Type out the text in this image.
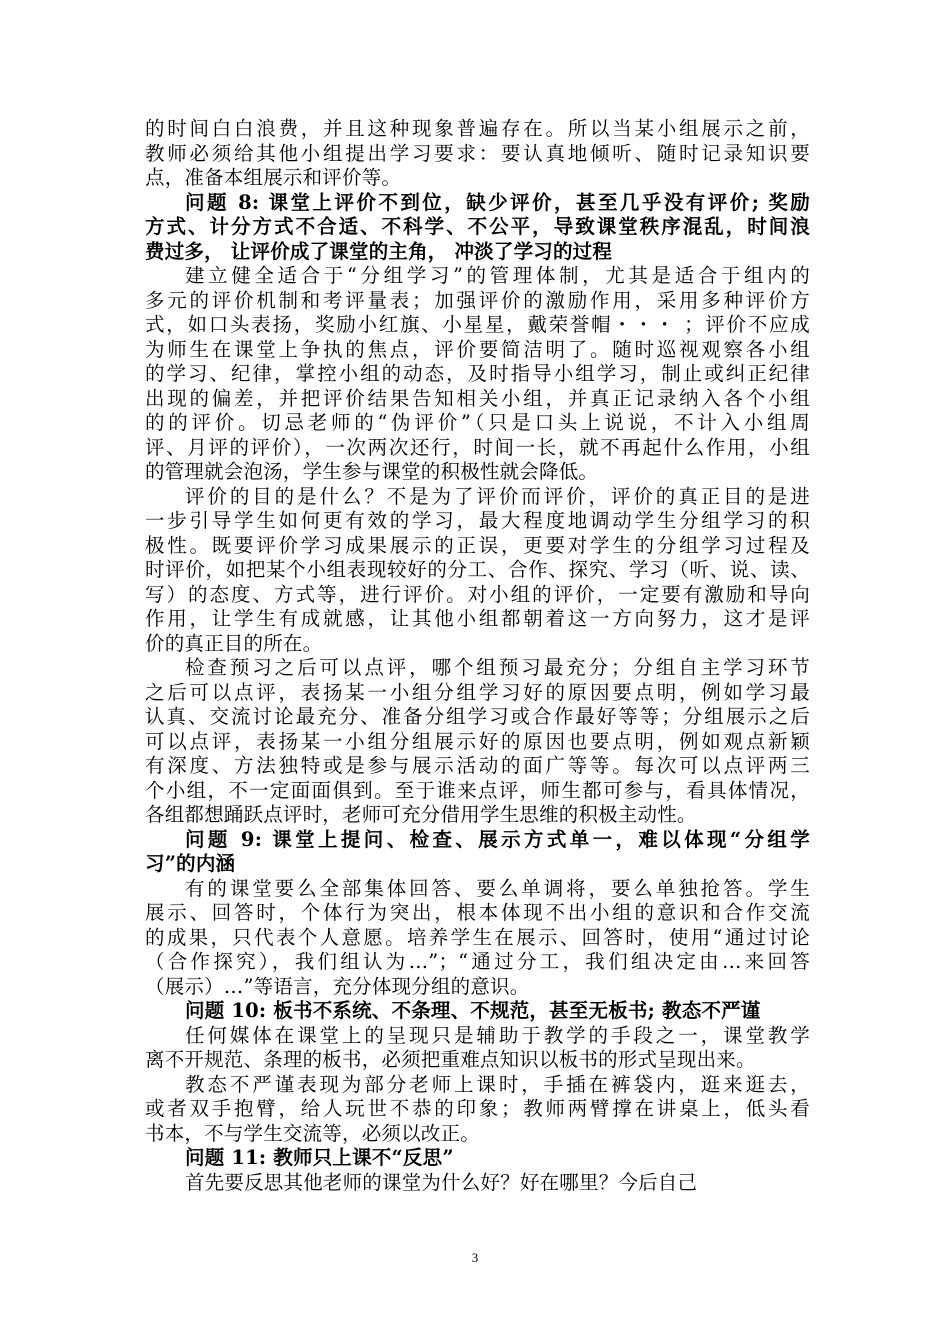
的时间白白浪费，并且这种现象普遍存在。所以当某小组展示之前，
教师必须给其他小组提出学习要求：要认真地倾听、随时记录知识要
点，准备本组展示和评价等。
问题 8: 课堂上评价不到位，缺少评价，甚至几乎没有评价; 奖励
方式、计分方式不合适、不科学、不公平，导致课堂秩序混乱，时间浪
费过多， 让评价成了课堂的主角， 冲淡了学习的过程
建立健全适合于“分组学习”的管理体制，尤其是适合于组内的
多元的评价机制和考评量表；加强评价的激励作用，采用多种评价方
式，如口头表扬，奖励小红旗、小星星，戴荣誉帽・・・ ；评价不应成
为师生在课堂上争执的焦点，评价要简洁明了。随时巡视观察各小组
的学习、纪律，掌控小组的动态，及时指导小组学习，制止或纠正纪律
出现的偏差，并把评价结果告知相关小组，并真正记录纳入各个小组
的的评价。切忌老师的“伪评价”（只是口头上说说，不计入小组周
评、月评的评价），一次两次还行，时间一长，就不再起什么作用，小组
的管理就会泡汤，学生参与课堂的积极性就会降低。
评价的目的是什么？不是为了评价而评价，评价的真正目的是进
一步引导学生如何更有效的学习，最大程度地调动学生分组学习的积
极性。既要评价学习成果展示的正误，更要对学生的分组学习过程及
时评价，如把某个小组表现较好的分工、合作、探究、学习（听、说、读、
写）的态度、方式等，进行评价。对小组的评价，一定要有激励和导向
作用，让学生有成就感，让其他小组都朝着这一方向努力，这才是评
价的真正目的所在。
检查预习之后可以点评，哪个组预习最充分；分组自主学习环节
之后可以点评，表扬某一小组分组学习好的原因要点明，例如学习最
认真、交流讨论最充分、准备分组学习或合作最好等等；分组展示之后
可以点评，表扬某一小组分组展示好的原因也要点明，例如观点新颖
有深度、方法独特或是参与展示活动的面广等等。每次可以点评两三
个小组，不一定面面俱到。至于谁来点评，师生都可参与，看具体情况，
各组都想踊跃点评时，老师可充分借用学生思维的积极主动性。
问题 9: 课堂上提问、检查、展示方式单一，难以体现“分组学
习”的内涵
有的课堂要么全部集体回答、要么单调将，要么单独抢答。学生
展示、回答时，个体行为突出，根本体现不出小组的意识和合作交流
的成果，只代表个人意愿。培养学生在展示、回答时，使用“通过讨论
（合作探究），我们组认为…”；“通过分工，我们组决定由…来回答
（展示）…”等语言，充分体现分组的意识。
问题 10: 板书不系统、不条理、不规范，甚至无板书; 教态不严谨
任何媒体在课堂上的呈现只是辅助于教学的手段之一，课堂教学
离不开规范、条理的板书，必须把重难点知识以板书的形式呈现出来。
教态不严谨表现为部分老师上课时，手插在裤袋内，逛来逛去，
或者双手抱臂，给人玩世不恭的印象；教师两臂撑在讲桌上，低头看
书本，不与学生交流等，必须以改正。
问题 11: 教师只上课不“反思”
首先要反思其他老师的课堂为什么好？好在哪里？今后自己
3
